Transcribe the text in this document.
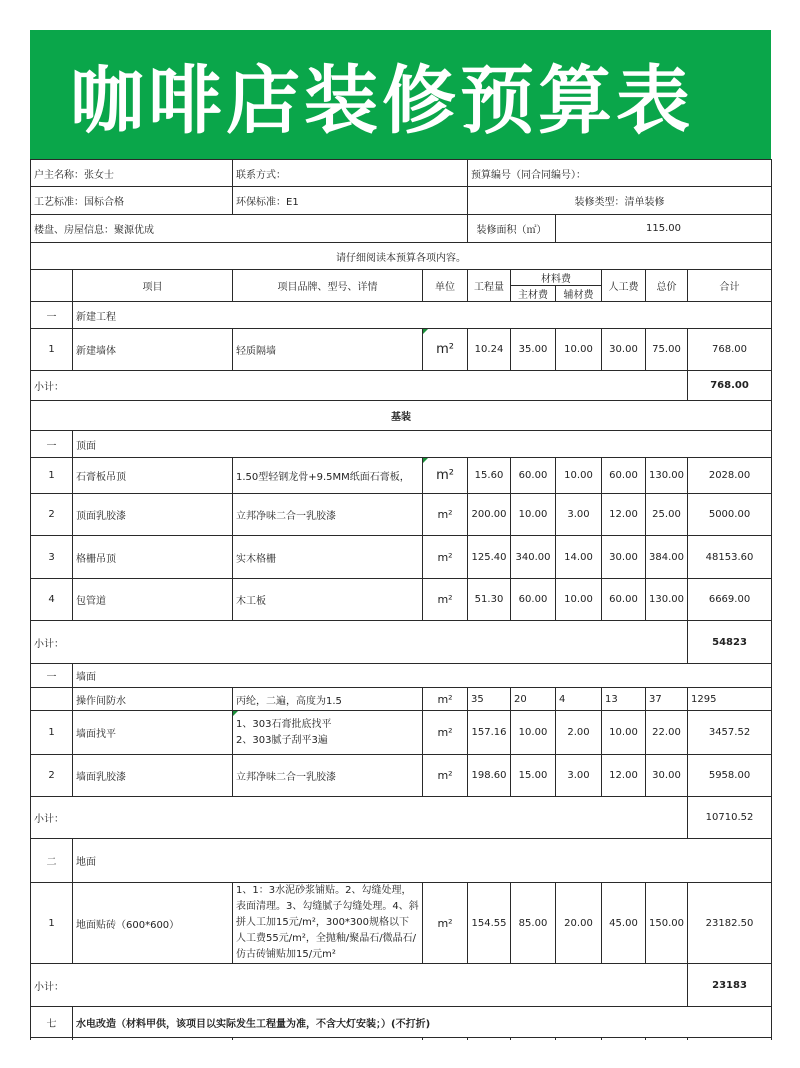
咖啡店装修预算表
户主名称：张女士		联系方式：		预算编号（同合同编号）：					
工艺标准：国标合格		环保标准：E1		装修类型：清单装修					
楼盘、房屋信息：聚源优成				装修面积（㎡）		115.00			
请仔细阅读本预算各项内容。									
	项目	项目品牌、型号、详情	单位	工程量	材料费		人工费	总价	合计
					主材费	辅材费			
一	新建工程								
1	新建墙体	轻质隔墙	m²	10.24	35.00	10.00	30.00	75.00	768.00
小计：									768.00
基装									
一	顶面								
1	石膏板吊顶	1.50型轻钢龙骨+9.5MM纸面石膏板，	m²	15.60	60.00	10.00	60.00	130.00	2028.00
2	顶面乳胶漆	立邦净味二合一乳胶漆	m²	200.00	10.00	3.00	12.00	25.00	5000.00
3	格栅吊顶	实木格栅	m²	125.40	340.00	14.00	30.00	384.00	48153.60
4	包管道	木工板	m²	51.30	60.00	10.00	60.00	130.00	6669.00
小计：									54823
一	墙面								
	操作间防水	丙纶，二遍，高度为1.5	m²	35	20	4	13	37	1295
1	墙面找平	1、303石膏批底找平
2、303腻子刮平3遍	m²	157.16	10.00	2.00	10.00	22.00	3457.52
2	墙面乳胶漆	立邦净味二合一乳胶漆	m²	198.60	15.00	3.00	12.00	30.00	5958.00
小计：									10710.52
二	地面								
1	地面贴砖（600*600）	1、1：3水泥砂浆铺贴。2、勾缝处理，表面清理。3、勾缝腻子勾缝处理。4、斜拼人工加15元/m²，300*300规格以下人工费55元/m²，全抛釉/聚晶石/微晶石/仿古砖铺贴加15/元m²	m²	154.55	85.00	20.00	45.00	150.00	23182.50
小计：									23183
七	水电改造（材料甲供，该项目以实际发生工程量为准，不含大灯安装；）(不打折)								
